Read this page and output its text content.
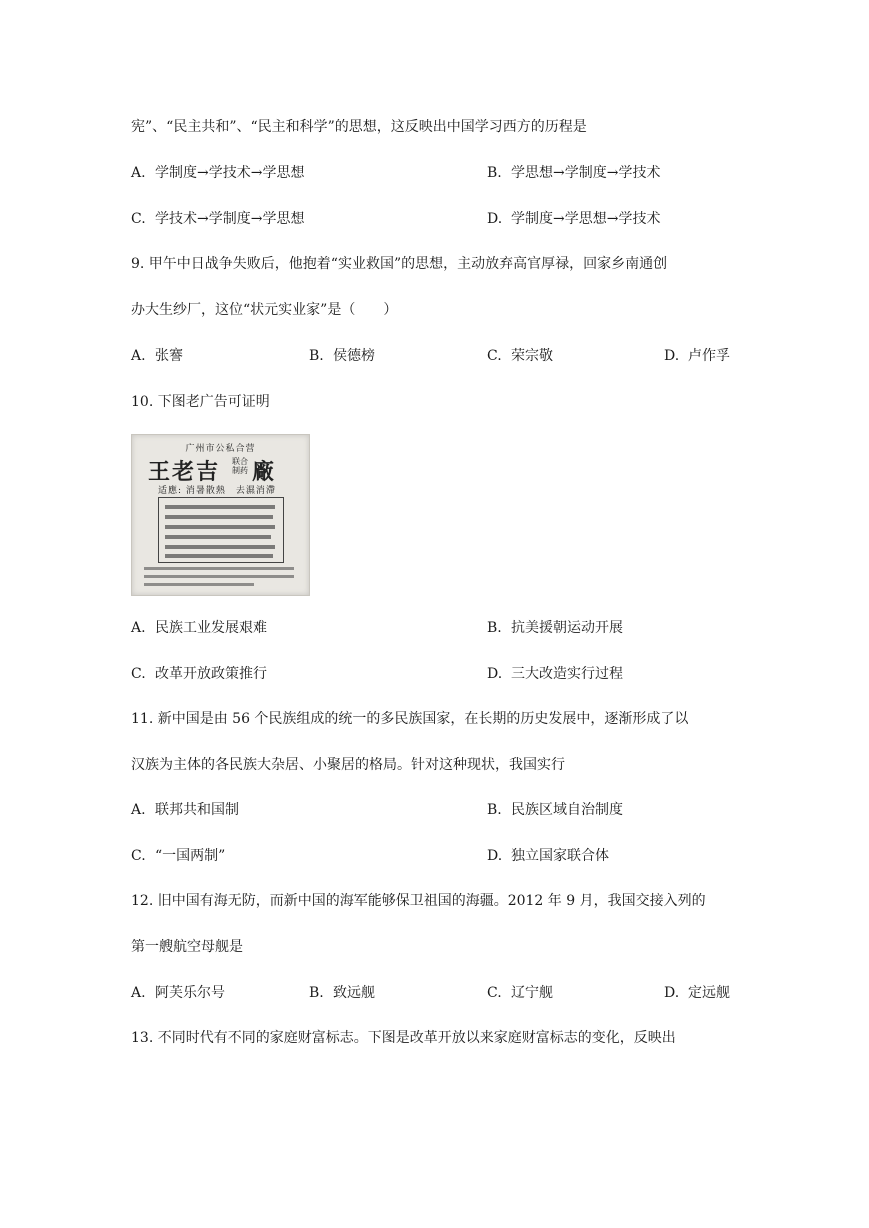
宪”、“民主共和”、“民主和科学”的思想，这反映出中国学习西方的历程是
A. 学制度→学技术→学思想	B. 学思想→学制度→学技术
C. 学技术→学制度→学思想	D. 学制度→学思想→学技术
9. 甲午中日战争失败后，他抱着“实业救国”的思想，主动放弃高官厚禄，回家乡南通创
办大生纱厂，这位“状元实业家”是（　　）
A. 张謇	B. 侯德榜	C. 荣宗敬	D. 卢作孚
10. 下图老广告可证明
广州市公私合营
王老吉 联合制药 廠
适應: 消暑散熱　去濕消滯
A. 民族工业发展艰难	B. 抗美援朝运动开展
C. 改革开放政策推行	D. 三大改造实行过程
11. 新中国是由 56 个民族组成的统一的多民族国家，在长期的历史发展中，逐渐形成了以
汉族为主体的各民族大杂居、小聚居的格局。针对这种现状，我国实行
A. 联邦共和国制	B. 民族区域自治制度
C. “一国两制”	D. 独立国家联合体
12. 旧中国有海无防，而新中国的海军能够保卫祖国的海疆。2012 年 9 月，我国交接入列的
第一艘航空母舰是
A. 阿芙乐尔号	B. 致远舰	C. 辽宁舰	D. 定远舰
13. 不同时代有不同的家庭财富标志。下图是改革开放以来家庭财富标志的变化，反映出
